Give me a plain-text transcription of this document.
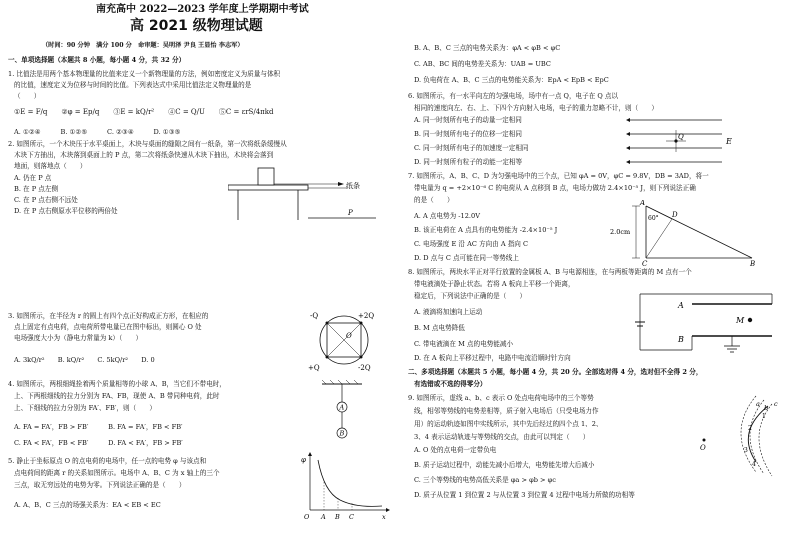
南充高中 2022—2023 学年度上学期期中考试
高 2021 级物理试题
（时间：90 分钟　满分 100 分　命审题：吴明泽 尹良 王显怡 李志军）
一、单项选择题（本题共 8 小题，每小题 4 分，共 32 分）
1. 比值法是用两个基本物理量的比值来定义一个新物理量的方法，例如密度定义为质量与体积
的比值，速度定义为位移与时间的比值。下列表达式中采用比值法定义物理量的是
（　　）
①E = F/q　　②φ = Ep/q　　③E = kQ/r²　　④C = Q/U　　⑤C = εrS/4πkd
A. ①②④　　　B. ①②⑤　　　C. ②③④　　　D. ①③⑤
2. 如图所示，一个木块压于水平桌面上，木块与桌面的缝隙之间有一纸条，第一次将纸条缓慢从
木块下方抽出，木块落到桌面上的 P 点，第二次将纸条快速从木块下抽出，木块将会落到
地面，则落地点（　　）
A. 仍在 P 点
B. 在 P 点左侧
C. 在 P 点右侧不远处
D. 在 P 点右侧原水平位移的两倍处
纸条
P
3. 如图所示，在半径为 r 的圆上有四个点正好构成正方形，在相应的
点上固定有点电荷，点电荷所带电量已在图中标出，则圆心 O 处
电场强度大小为（静电力常量为 k）（　　）
A. 3kQ/r²　　B. kQ/r²　　C. 5kQ/r²　　D. 0
-Q	+2Q
+Q	-2Q
O
4. 如图所示，两根细绳拴着两个质量相等的小球 A、B，当它们不带电时，
上、下两根细线的拉力分别为 FA、FB，现使 A、B 带同种电荷，此时
上、下细线的拉力分别为 FA′、FB′，则（　　）
A. FA = FA′，FB > FB′　　　B. FA = FA′，FB < FB′
C. FA < FA′，FB < FB′　　　D. FA < FA′，FB > FB′
A
B
5. 静止于坐标原点 O 的点电荷的电场中，任一点的电势 φ 与该点和
点电荷间的距离 r 的关系如图所示。电场中 A、B、C 为 x 轴上的三个
三点，取无穷远处的电势为零。下列说法正确的是（　　）
A. A、B、C 三点的场强关系为：EA < EB < EC
φ
O A B C	x
B. A、B、C 三点的电势关系为：φA < φB < φC
C. AB、BC 间的电势差关系为：UAB = UBC
D. 负电荷在 A、B、C 三点的电势能关系为：EpA < EpB < EpC
6. 如图所示，有一水平向左的匀强电场，场中有一点 Q，电子在 Q 点以
相同的速度向左、右、上、下四个方向射入电场，电子的重力忽略不计，则（　　）
A. 同一时刻所有电子的动量一定相同
B. 同一时刻所有电子的位移一定相同
C. 同一时刻所有电子的加速度一定相同
D. 同一时刻所有粒子的动能一定相等
Q	E
7. 如图所示，A、B、C、D 为匀强电场中的三个点，已知 φA = 0V，φC = 9.8V，DB = 3AD，将一
带电量为 q = +2×10⁻⁶ C 的电荷从 A 点移到 B 点，电场力做功 2.4×10⁻⁵ J，则下列说法正确
的是（　　）
A. A 点电势为 -12.0V
B. 该正电荷在 A 点具有的电势能为 -2.4×10⁻⁵ J
C. 电场强度 E 沿 AC 方向由 A 指向 C
D. D 点与 C 点可能在同一等势线上
A
D
C	B
2.0cm
60°
8. 如图所示，两块水平正对平行放置的金属板 A、B 与电源相连，在与两板等距离的 M 点有一个
带电液滴处于静止状态。若将 A 板向上平移一个距离，
稳定后，下列说法中正确的是（　　）
A. 液滴将加速向上运动
B. M 点电势降低
C. 带电液滴在 M 点的电势能减小
D. 在 A 板向上平移过程中，电路中电流沿顺时针方向
A
B
M
二、多项选择题（本题共 5 小题，每小题 4 分，共 20 分。全部选对得 4 分，选对但不全得 2 分，
有选错或不选的得零分）
9. 如图所示，虚线 a、b、c 表示 O 处点电荷电场中的三个等势
线，相邻等势线的电势差相等，质子射入电场后（只受电场力作
用）的运动轨迹如图中实线所示，其中先后经过的四个点 1、2、
3、4 表示运动轨迹与等势线的交点，由此可以判定（　　）
A. O 处的点电荷一定带负电
B. 质子运动过程中，动能先减小后增大，电势能先增大后减小
C. 三个等势线的电势高低关系是 φa > φb > φc
D. 质子从位置 1 到位置 2 与从位置 3 到位置 4 过程中电场力所做的功相等
O
a b c
1
2
3
4
